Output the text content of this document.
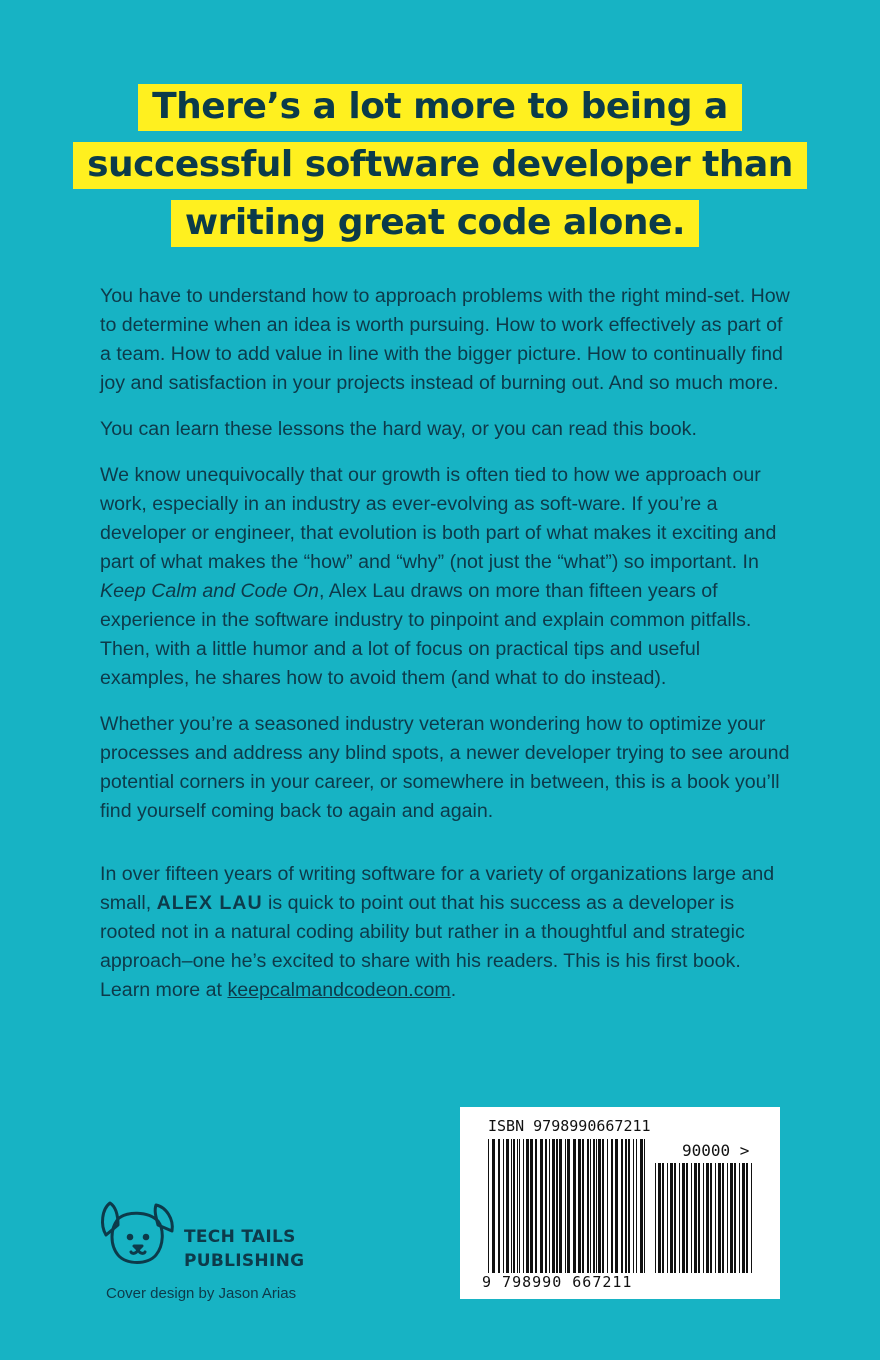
There’s a lot more to being a
successful software developer than
writing great code alone.

You have to understand how to approach problems with the right mind-set. How to determine when an idea is worth pursuing. How to work effectively as part of a team. How to add value in line with the bigger picture. How to continually find joy and satisfaction in your projects instead of burning out. And so much more.

You can learn these lessons the hard way, or you can read this book.

We know unequivocally that our growth is often tied to how we approach our work, especially in an industry as ever-evolving as soft-ware. If you’re a developer or engineer, that evolution is both part of what makes it exciting and part of what makes the “how” and “why” (not just the “what”) so important. In Keep Calm and Code On, Alex Lau draws on more than fifteen years of experience in the software industry to pinpoint and explain common pitfalls. Then, with a little humor and a lot of focus on practical tips and useful examples, he shares how to avoid them (and what to do instead).

Whether you’re a seasoned industry veteran wondering how to optimize your processes and address any blind spots, a newer developer trying to see around potential corners in your career, or somewhere in between, this is a book you’ll find yourself coming back to again and again.

In over fifteen years of writing software for a variety of organizations large and small, ALEX LAU is quick to point out that his success as a developer is rooted not in a natural coding ability but rather in a thoughtful and strategic approach–one he’s excited to share with his readers. This is his first book. Learn more at keepcalmandcodeon.com.

ISBN 9798990667211
90000 >
9 798990 667211
TECH TAILS
PUBLISHING
Cover design by Jason Arias
